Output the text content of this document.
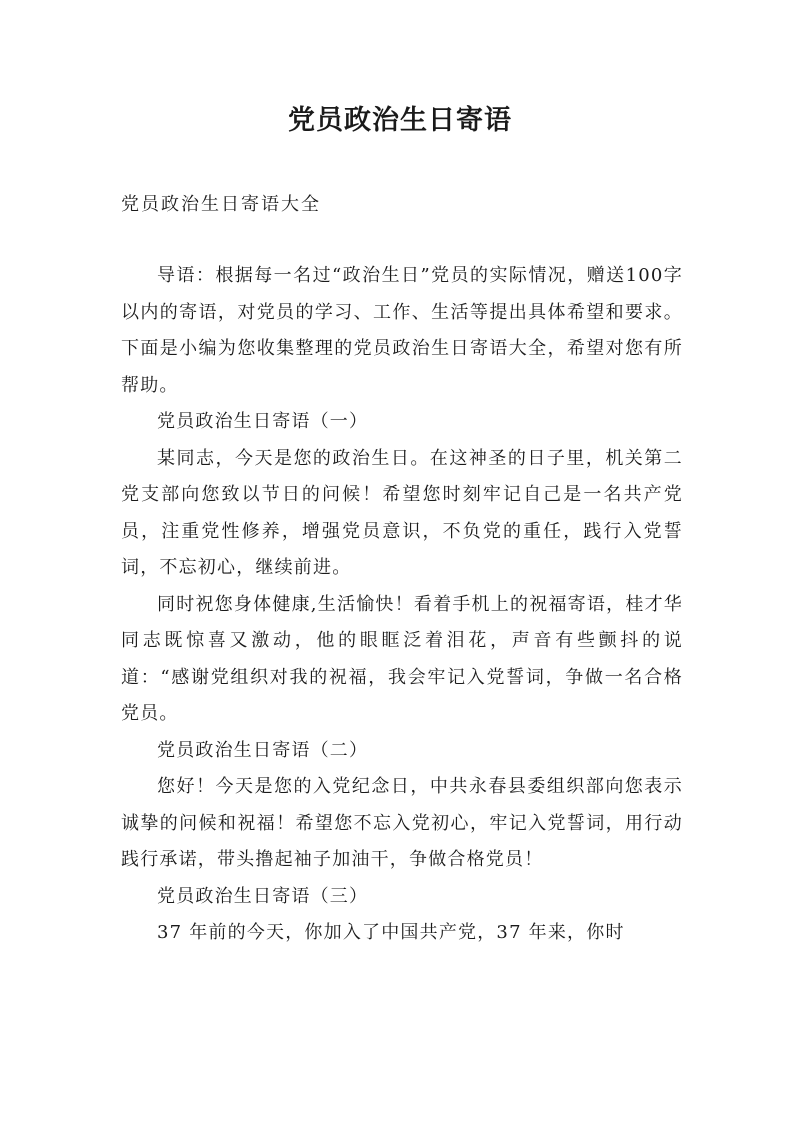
党员政治生日寄语
党员政治生日寄语大全

导语：根据每一名过“政治生日”党员的实际情况，赠送100字以内的寄语，对党员的学习、工作、生活等提出具体希望和要求。下面是小编为您收集整理的党员政治生日寄语大全，希望对您有所帮助。

党员政治生日寄语（一）

某同志，今天是您的政治生日。在这神圣的日子里，机关第二党支部向您致以节日的问候！希望您时刻牢记自己是一名共产党员，注重党性修养，增强党员意识，不负党的重任，践行入党誓词，不忘初心，继续前进。

同时祝您身体健康,生活愉快！看着手机上的祝福寄语，桂才华同志既惊喜又激动，他的眼眶泛着泪花，声音有些颤抖的说道：“感谢党组织对我的祝福，我会牢记入党誓词，争做一名合格党员。

党员政治生日寄语（二）

您好！今天是您的入党纪念日，中共永春县委组织部向您表示诚挚的问候和祝福！希望您不忘入党初心，牢记入党誓词，用行动践行承诺，带头撸起袖子加油干，争做合格党员！

党员政治生日寄语（三）

37 年前的今天，你加入了中国共产党，37 年来，你时
